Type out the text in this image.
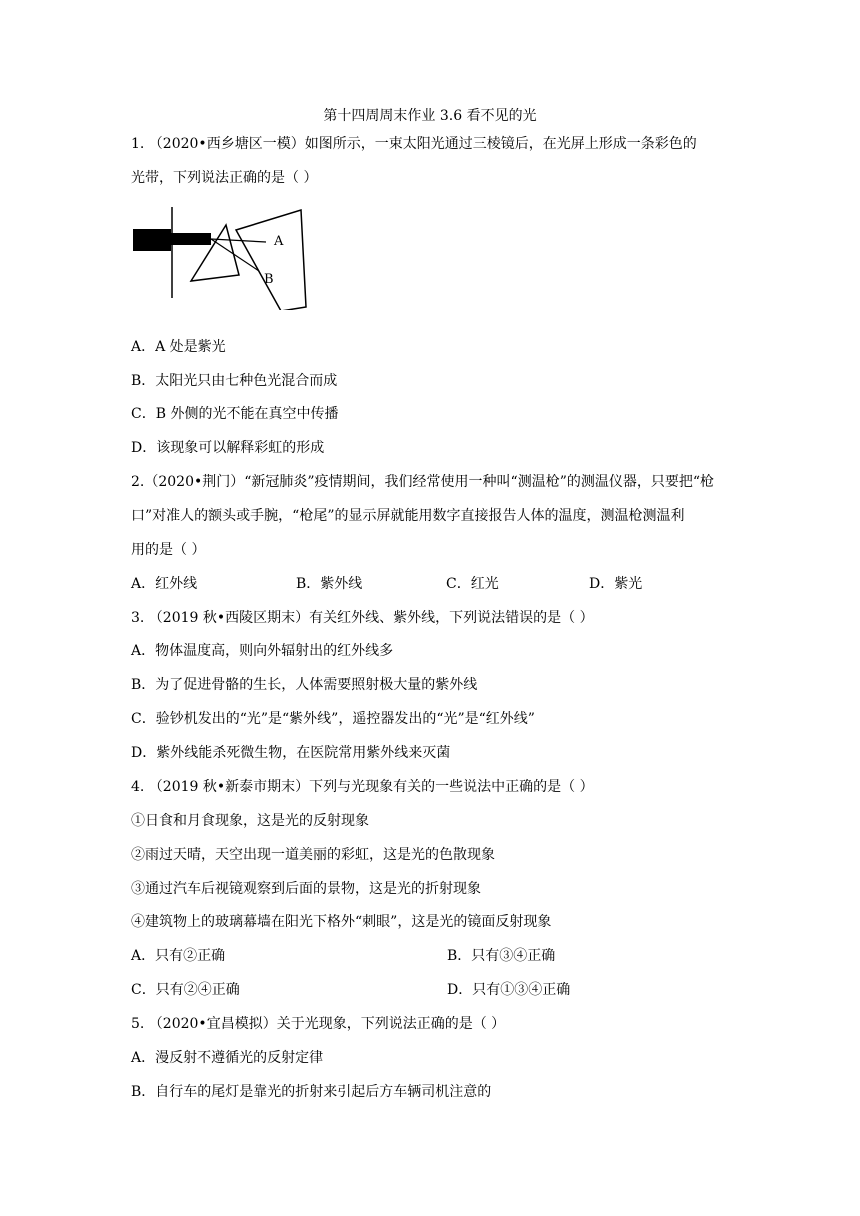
第十四周周末作业 3.6 看不见的光
1. （2020•西乡塘区一模）如图所示，一束太阳光通过三棱镜后，在光屏上形成一条彩色的
光带，下列说法正确的是（ ）
A
B
A．A 处是紫光
B．太阳光只由七种色光混合而成
C．B 外侧的光不能在真空中传播
D．该现象可以解释彩虹的形成
2.（2020•荆门）“新冠肺炎”疫情期间，我们经常使用一种叫“测温枪”的测温仪器，只要把“枪
口”对准人的额头或手腕，“枪尾”的显示屏就能用数字直接报告人体的温度，测温枪测温利
用的是（ ）
A．红外线	B．紫外线	C．红光	D．紫光
3. （2019 秋•西陵区期末）有关红外线、紫外线，下列说法错误的是（ ）
A．物体温度高，则向外辐射出的红外线多
B．为了促进骨骼的生长，人体需要照射极大量的紫外线
C．验钞机发出的“光”是“紫外线”，遥控器发出的“光”是“红外线”
D．紫外线能杀死微生物，在医院常用紫外线来灭菌
4. （2019 秋•新泰市期末）下列与光现象有关的一些说法中正确的是（ ）
①日食和月食现象，这是光的反射现象
②雨过天晴，天空出现一道美丽的彩虹，这是光的色散现象
③通过汽车后视镜观察到后面的景物，这是光的折射现象
④建筑物上的玻璃幕墙在阳光下格外“刺眼”，这是光的镜面反射现象
A．只有②正确	B．只有③④正确
C．只有②④正确	D．只有①③④正确
5. （2020•宜昌模拟）关于光现象，下列说法正确的是（ ）
A．漫反射不遵循光的反射定律
B．自行车的尾灯是靠光的折射来引起后方车辆司机注意的
